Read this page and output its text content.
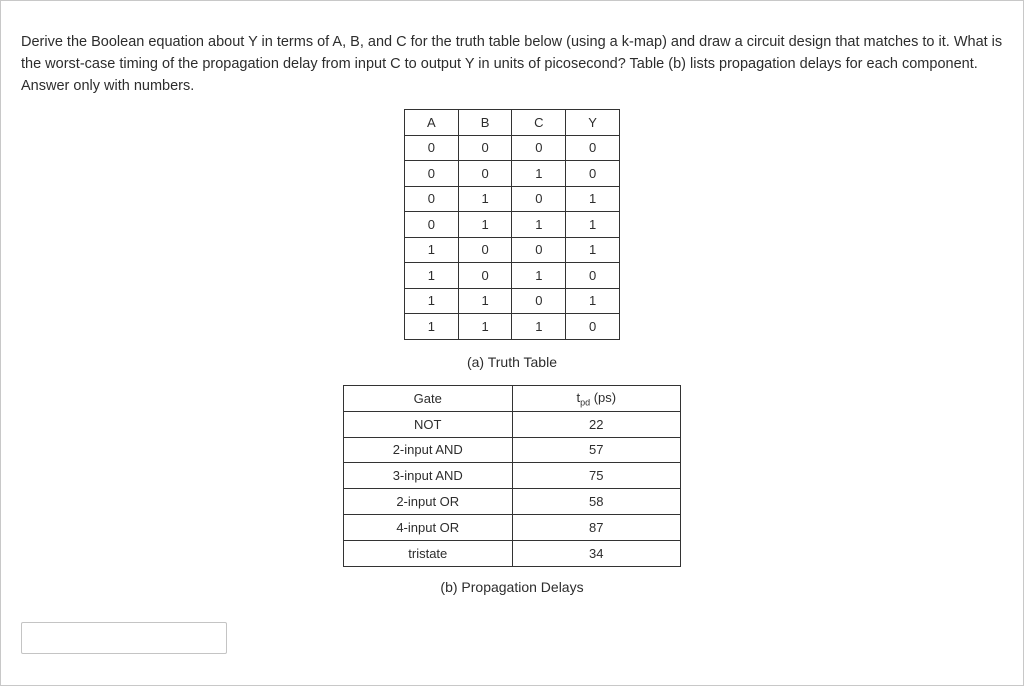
Derive the Boolean equation about Y in terms of A, B, and C for the truth table below (using a k-map) and draw a circuit design that matches to it. What is the worst-case timing of the propagation delay from input C to output Y in units of picosecond? Table (b) lists propagation delays for each component. Answer only with numbers.

A	B	C	Y
0	0	0	0
0	0	1	0
0	1	0	1
0	1	1	1
1	0	0	1
1	0	1	0
1	1	0	1
1	1	1	0
(a) Truth Table
Gate	$t_{pd}$ (ps)
NOT	22
2-input AND	57
3-input AND	75
2-input OR	58
4-input OR	87
tristate	34
(b) Propagation Delays
